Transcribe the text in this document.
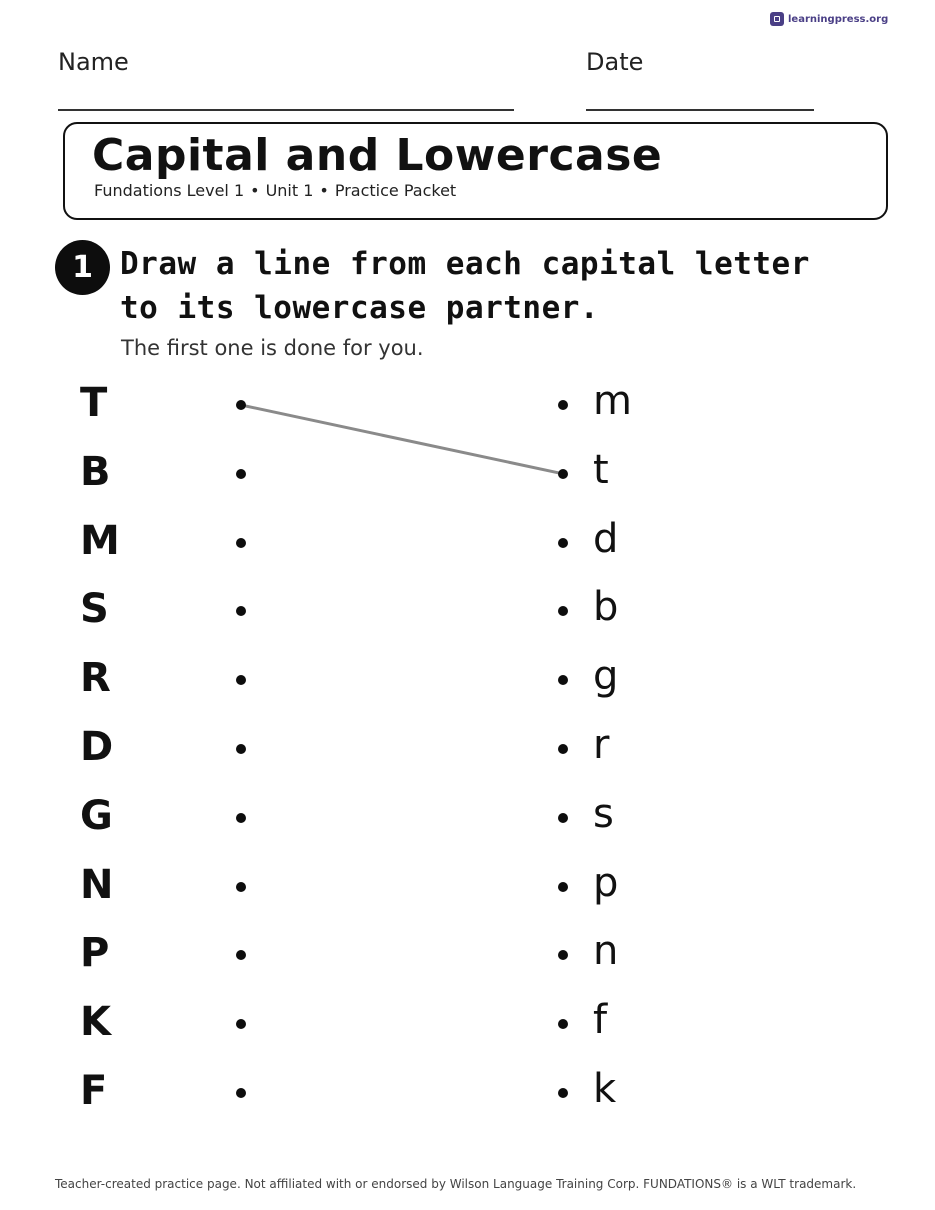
learningpress.org
Name	Date
Capital and Lowercase
Fundations Level 1 • Unit 1 • Practice Packet
1 Draw a line from each capital letter to its lowercase partner.
The first one is done for you.
T	m
B	t
M	d
S	b
R	g
D	r
G	s
N	p
P	n
K	f
F	k
Teacher-created practice page. Not affiliated with or endorsed by Wilson Language Training Corp. FUNDATIONS® is a WLT trademark.
